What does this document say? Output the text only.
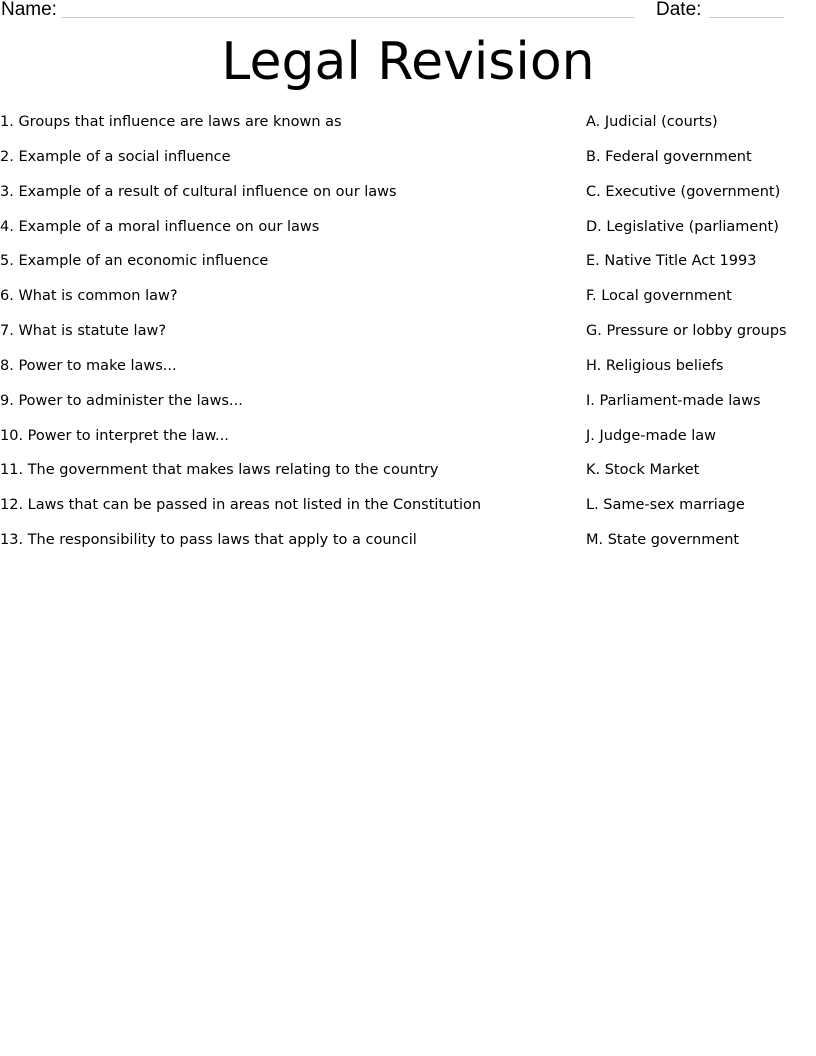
Name:	Date:
Legal Revision
1. Groups that influence are laws are known as
2. Example of a social influence
3. Example of a result of cultural influence on our laws
4. Example of a moral influence on our laws
5. Example of an economic influence
6. What is common law?
7. What is statute law?
8. Power to make laws...
9. Power to administer the laws...
10. Power to interpret the law...
11. The government that makes laws relating to the country
12. Laws that can be passed in areas not listed in the Constitution
13. The responsibility to pass laws that apply to a council
A. Judicial (courts)
B. Federal government
C. Executive (government)
D. Legislative (parliament)
E. Native Title Act 1993
F. Local government
G. Pressure or lobby groups
H. Religious beliefs
I. Parliament-made laws
J. Judge-made law
K. Stock Market
L. Same-sex marriage
M. State government
